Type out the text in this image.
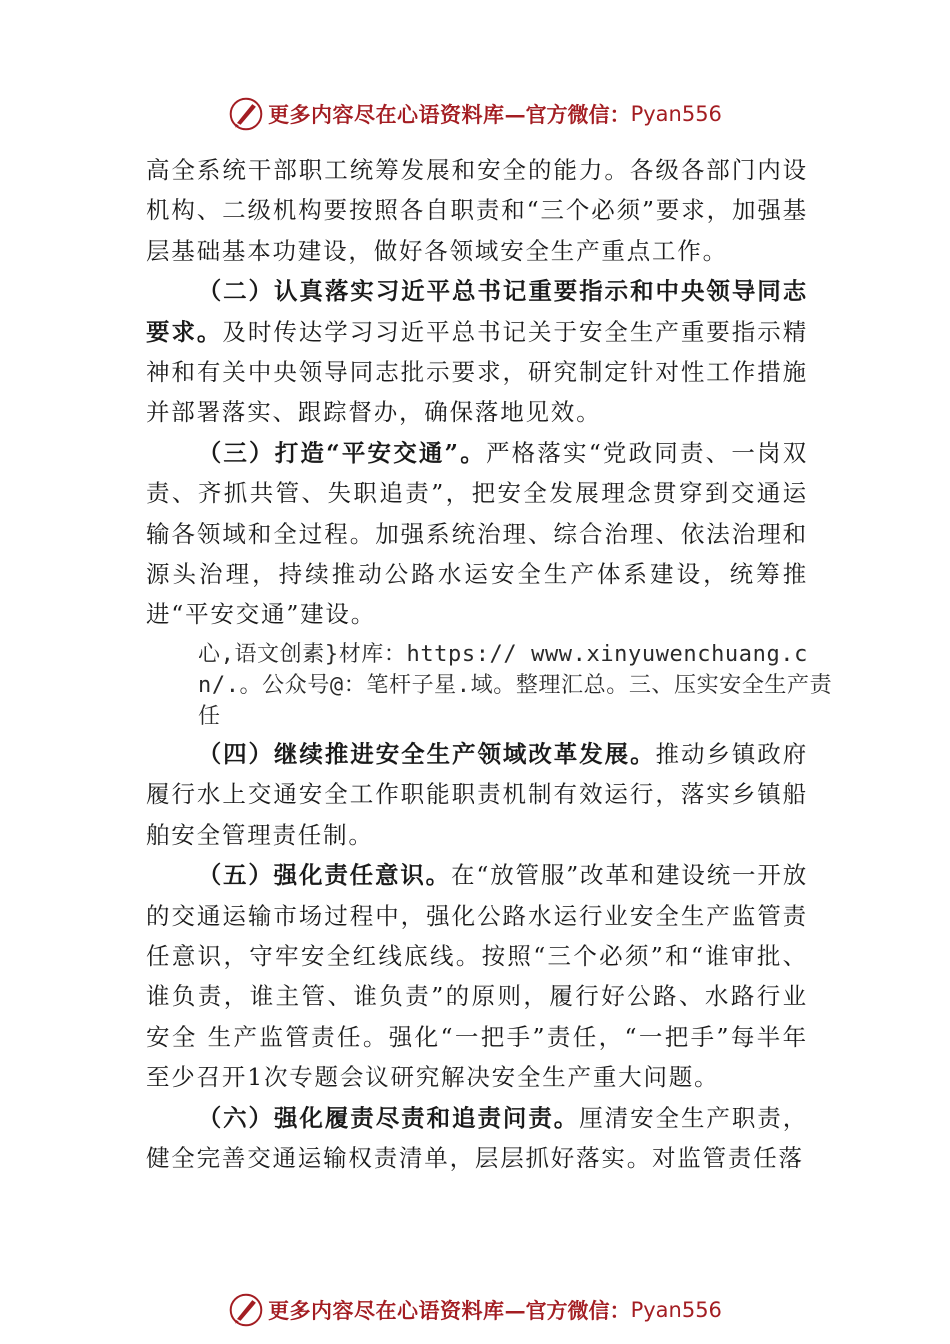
更多内容尽在心语资料库 — 官方微信： Pyan556

高全系统干部职工统筹发展和安全的能力。各级各部门内设机构、二级机构要按照各自职责和“三个必须”要求，加强基层基础基本功建设，做好各领域安全生产重点工作。

（二）认真落实习近平总书记重要指示和中央领导同志要求。及时传达学习习近平总书记关于安全生产重要指示精神和有关中央领导同志批示要求，研究制定针对性工作措施并部署落实、跟踪督办，确保落地见效。

（三）打造“平安交通”。严格落实“党政同责、一岗双责、齐抓共管、失职追责”，把安全发展理念贯穿到交通运输各领域和全过程。加强系统治理、综合治理、依法治理和源头治理，持续推动公路水运安全生产体系建设，统筹推进“平安交通”建设。

心,语文创素}材库：https:// www.xinyuwenchuang.cn/.。公众号@：笔杆子星.域。整理汇总。三、压实安全生产责任

（四）继续推进安全生产领域改革发展。推动乡镇政府履行水上交通安全工作职能职责机制有效运行，落实乡镇船舶安全管理责任制。

（五）强化责任意识。在“放管服”改革和建设统一开放的交通运输市场过程中，强化公路水运行业安全生产监管责任意识，守牢安全红线底线。按照“三个必须”和“谁审批、谁负责，谁主管、谁负责”的原则，履行好公路、水路行业安全 生产监管责任。强化“一把手”责任，“一把手”每半年至少召开1次专题会议研究解决安全生产重大问题。

（六）强化履责尽责和追责问责。厘清安全生产职责，健全完善交通运输权责清单，层层抓好落实。对监管责任落

更多内容尽在心语资料库 — 官方微信： Pyan556
